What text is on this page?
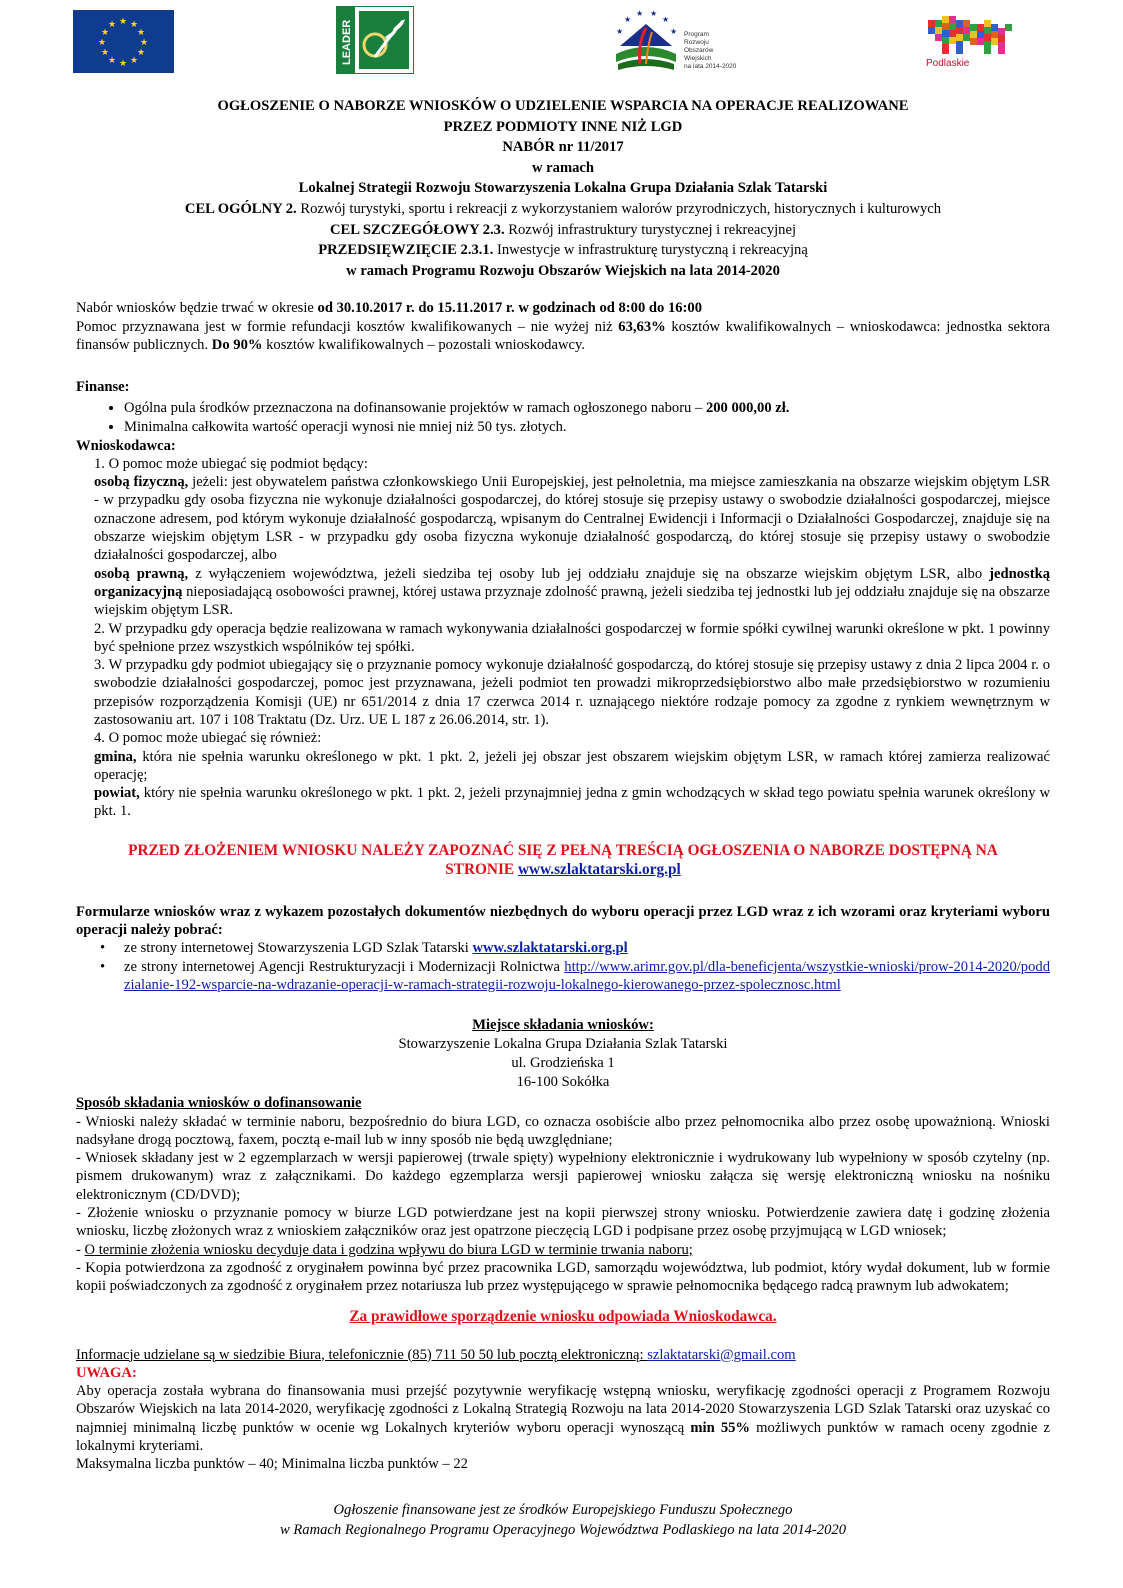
★ ★
★
★
★
★
★
★
★
★
★
★	LEADER	★
★
★ ★
★
★ Program
Rozwoju
Obszarów
Wiejskich
na lata 2014-2020	Podlaskie

OGŁOSZENIE O NABORZE WNIOSKÓW O UDZIELENIE WSPARCIA NA OPERACJE REALIZOWANE

PRZEZ PODMIOTY INNE NIŻ LGD

NABÓR nr 11/2017

w ramach

Lokalnej Strategii Rozwoju Stowarzyszenia Lokalna Grupa Działania Szlak Tatarski

CEL OGÓLNY 2. Rozwój turystyki, sportu i rekreacji z wykorzystaniem walorów przyrodniczych, historycznych i kulturowych

CEL SZCZEGÓŁOWY 2.3. Rozwój infrastruktury turystycznej i rekreacyjnej

PRZEDSIĘWZIĘCIE 2.3.1. Inwestycje w infrastrukturę turystyczną i rekreacyjną

w ramach Programu Rozwoju Obszarów Wiejskich na lata 2014-2020

Nabór wniosków będzie trwać w okresie od 30.10.2017 r. do 15.11.2017 r. w godzinach od 8:00 do 16:00

Pomoc przyznawana jest w formie refundacji kosztów kwalifikowanych – nie wyżej niż 63,63% kosztów kwalifikowalnych – wnioskodawca: jednostka sektora finansów publicznych. Do 90% kosztów kwalifikowalnych – pozostali wnioskodawcy.

Finanse:

• Ogólna pula środków przeznaczona na dofinansowanie projektów w ramach ogłoszonego naboru – 200 000,00 zł.
• Minimalna całkowita wartość operacji wynosi nie mniej niż 50 tys. złotych.

Wnioskodawca:

1. O pomoc może ubiegać się podmiot będący:

osobą fizyczną, jeżeli: jest obywatelem państwa członkowskiego Unii Europejskiej, jest pełnoletnia, ma miejsce zamieszkania na obszarze wiejskim objętym LSR - w przypadku gdy osoba fizyczna nie wykonuje działalności gospodarczej, do której stosuje się przepisy ustawy o swobodzie działalności gospodarczej, miejsce oznaczone adresem, pod którym wykonuje działalność gospodarczą, wpisanym do Centralnej Ewidencji i Informacji o Działalności Gospodarczej, znajduje się na obszarze wiejskim objętym LSR - w przypadku gdy osoba fizyczna wykonuje działalność gospodarczą, do której stosuje się przepisy ustawy o swobodzie działalności gospodarczej, albo

osobą prawną, z wyłączeniem województwa, jeżeli siedziba tej osoby lub jej oddziału znajduje się na obszarze wiejskim objętym LSR, albo jednostką organizacyjną nieposiadającą osobowości prawnej, której ustawa przyznaje zdolność prawną, jeżeli siedziba tej jednostki lub jej oddziału znajduje się na obszarze wiejskim objętym LSR.

2. W przypadku gdy operacja będzie realizowana w ramach wykonywania działalności gospodarczej w formie spółki cywilnej warunki określone w pkt. 1 powinny być spełnione przez wszystkich wspólników tej spółki.

3. W przypadku gdy podmiot ubiegający się o przyznanie pomocy wykonuje działalność gospodarczą, do której stosuje się przepisy ustawy z dnia 2 lipca 2004 r. o swobodzie działalności gospodarczej, pomoc jest przyznawana, jeżeli podmiot ten prowadzi mikroprzedsiębiorstwo albo małe przedsiębiorstwo w rozumieniu przepisów rozporządzenia Komisji (UE) nr 651/2014 z dnia 17 czerwca 2014 r. uznającego niektóre rodzaje pomocy za zgodne z rynkiem wewnętrznym w zastosowaniu art. 107 i 108 Traktatu (Dz. Urz. UE L 187 z 26.06.2014, str. 1).

4. O pomoc może ubiegać się również:

gmina, która nie spełnia warunku określonego w pkt. 1 pkt. 2, jeżeli jej obszar jest obszarem wiejskim objętym LSR, w ramach której zamierza realizować operację;

powiat, który nie spełnia warunku określonego w pkt. 1 pkt. 2, jeżeli przynajmniej jedna z gmin wchodzących w skład tego powiatu spełnia warunek określony w pkt. 1.

PRZED ZŁOŻENIEM WNIOSKU NALEŻY ZAPOZNAĆ SIĘ Z PEŁNĄ TREŚCIĄ OGŁOSZENIA O NABORZE DOSTĘPNĄ NA STRONIE www.szlaktatarski.org.pl

Formularze wniosków wraz z wykazem pozostałych dokumentów niezbędnych do wyboru operacji przez LGD wraz z ich wzorami oraz kryteriami wyboru operacji należy pobrać:

• ze strony internetowej Stowarzyszenia LGD Szlak Tatarski www.szlaktatarski.org.pl
• ze strony internetowej Agencji Restrukturyzacji i Modernizacji Rolnictwa http://www.arimr.gov.pl/dla-beneficjenta/wszystkie-wnioski/prow-2014-2020/poddzialanie-192-wsparcie-na-wdrazanie-operacji-w-ramach-strategii-rozwoju-lokalnego-kierowanego-przez-spolecznosc.html

Miejsce składania wniosków:

Stowarzyszenie Lokalna Grupa Działania Szlak Tatarski

ul. Grodzieńska 1

16-100 Sokółka

Sposób składania wniosków o dofinansowanie

- Wnioski należy składać w terminie naboru, bezpośrednio do biura LGD, co oznacza osobiście albo przez pełnomocnika albo przez osobę upoważnioną. Wnioski nadsyłane drogą pocztową, faxem, pocztą e-mail lub w inny sposób nie będą uwzględniane;

- Wniosek składany jest w 2 egzemplarzach w wersji papierowej (trwale spięty) wypełniony elektronicznie i wydrukowany lub wypełniony w sposób czytelny (np. pismem drukowanym) wraz z załącznikami. Do każdego egzemplarza wersji papierowej wniosku załącza się wersję elektroniczną wniosku na nośniku elektronicznym (CD/DVD);

- Złożenie wniosku o przyznanie pomocy w biurze LGD potwierdzane jest na kopii pierwszej strony wniosku. Potwierdzenie zawiera datę i godzinę złożenia wniosku, liczbę złożonych wraz z wnioskiem załączników oraz jest opatrzone pieczęcią LGD i podpisane przez osobę przyjmującą w LGD wniosek;

- O terminie złożenia wniosku decyduje data i godzina wpływu do biura LGD w terminie trwania naboru;

- Kopia potwierdzona za zgodność z oryginałem powinna być przez pracownika LGD, samorządu województwa, lub podmiot, który wydał dokument, lub w formie kopii poświadczonych za zgodność z oryginałem przez notariusza lub przez występującego w sprawie pełnomocnika będącego radcą prawnym lub adwokatem;

Za prawidłowe sporządzenie wniosku odpowiada Wnioskodawca.

Informacje udzielane są w siedzibie Biura, telefonicznie (85) 711 50 50 lub pocztą elektroniczną: szlaktatarski@gmail.com

UWAGA:

Aby operacja została wybrana do finansowania musi przejść pozytywnie weryfikację wstępną wniosku, weryfikację zgodności operacji z Programem Rozwoju Obszarów Wiejskich na lata 2014-2020, weryfikację zgodności z Lokalną Strategią Rozwoju na lata 2014-2020 Stowarzyszenia LGD Szlak Tatarski oraz uzyskać co najmniej minimalną liczbę punktów w ocenie wg Lokalnych kryteriów wyboru operacji wynoszącą min 55% możliwych punktów w ramach oceny zgodnie z lokalnymi kryteriami.

Maksymalna liczba punktów – 40; Minimalna liczba punktów – 22

Ogłoszenie finansowane jest ze środków Europejskiego Funduszu Społecznego

w Ramach Regionalnego Programu Operacyjnego Województwa Podlaskiego na lata 2014-2020
